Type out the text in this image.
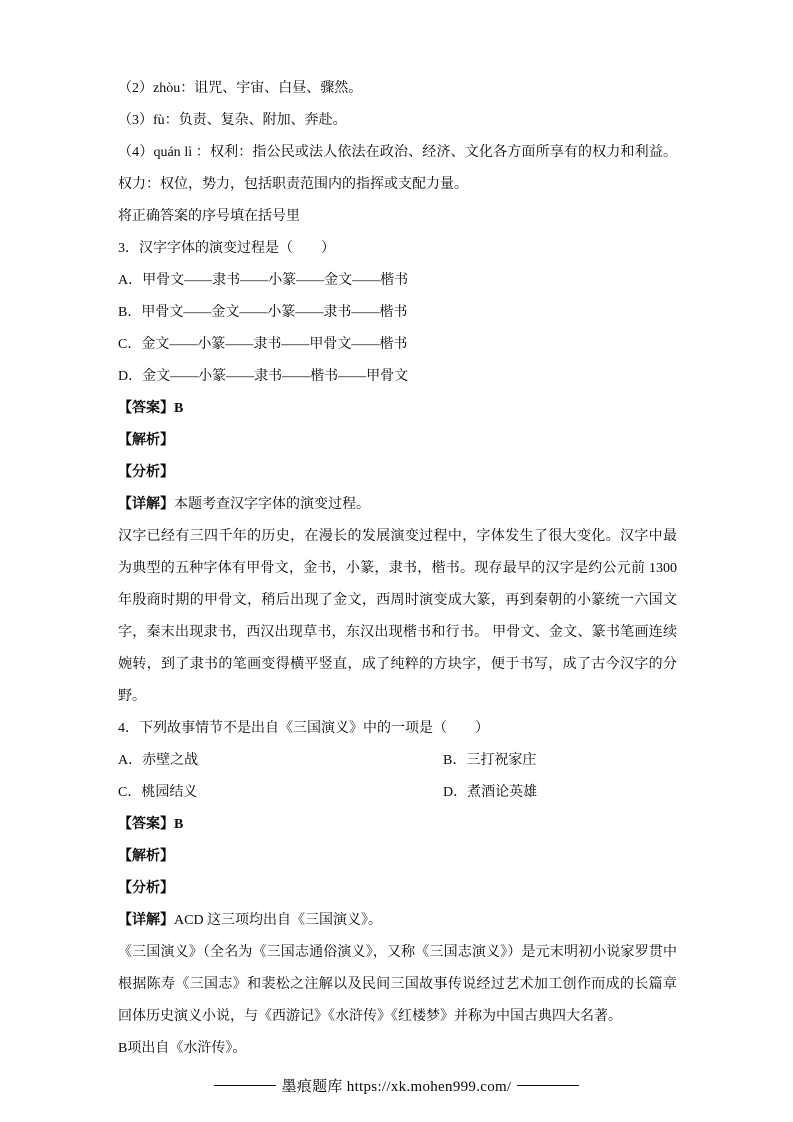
（2）zhòu：诅咒、宇宙、白昼、骤然。

（3）fù：负责、复杂、附加、奔赴。

（4）quán lì ：权利：指公民或法人依法在政治、经济、文化各方面所享有的权力和利益。权力：权位，势力，包括职责范围内的指挥或支配力量。

将正确答案的序号填在括号里

3．汉字字体的演变过程是（　　）

A．甲骨文——隶书——小篆——金文——楷书

B．甲骨文——金文——小篆——隶书——楷书

C．金文——小篆——隶书——甲骨文——楷书

D．金文——小篆——隶书——楷书——甲骨文

【答案】B

【解析】

【分析】

【详解】本题考查汉字字体的演变过程。

汉字已经有三四千年的历史，在漫长的发展演变过程中，字体发生了很大变化。汉字中最为典型的五种字体有甲骨文，金书，小篆，隶书，楷书。现存最早的汉字是约公元前 1300 年殷商时期的甲骨文，稍后出现了金文，西周时演变成大篆，再到秦朝的小篆统一六国文字，秦末出现隶书，西汉出现草书，东汉出现楷书和行书。 甲骨文、金文、篆书笔画连续婉转，到了隶书的笔画变得横平竖直，成了纯粹的方块字，便于书写，成了古今汉字的分野。

4．下列故事情节不是出自《三国演义》中的一项是（　　）

A．赤壁之战	B．三打祝家庄

C．桃园结义	D．煮酒论英雄

【答案】B

【解析】

【分析】

【详解】ACD 这三项均出自《三国演义》。

《三国演义》（全名为《三国志通俗演义》，又称《三国志演义》）是元末明初小说家罗贯中根据陈寿《三国志》和裴松之注解以及民间三国故事传说经过艺术加工创作而成的长篇章回体历史演义小说，与《西游记》《水浒传》《红楼梦》并称为中国古典四大名著。

B项出自《水浒传》。

墨痕题库 https://xk.mohen999.com/
